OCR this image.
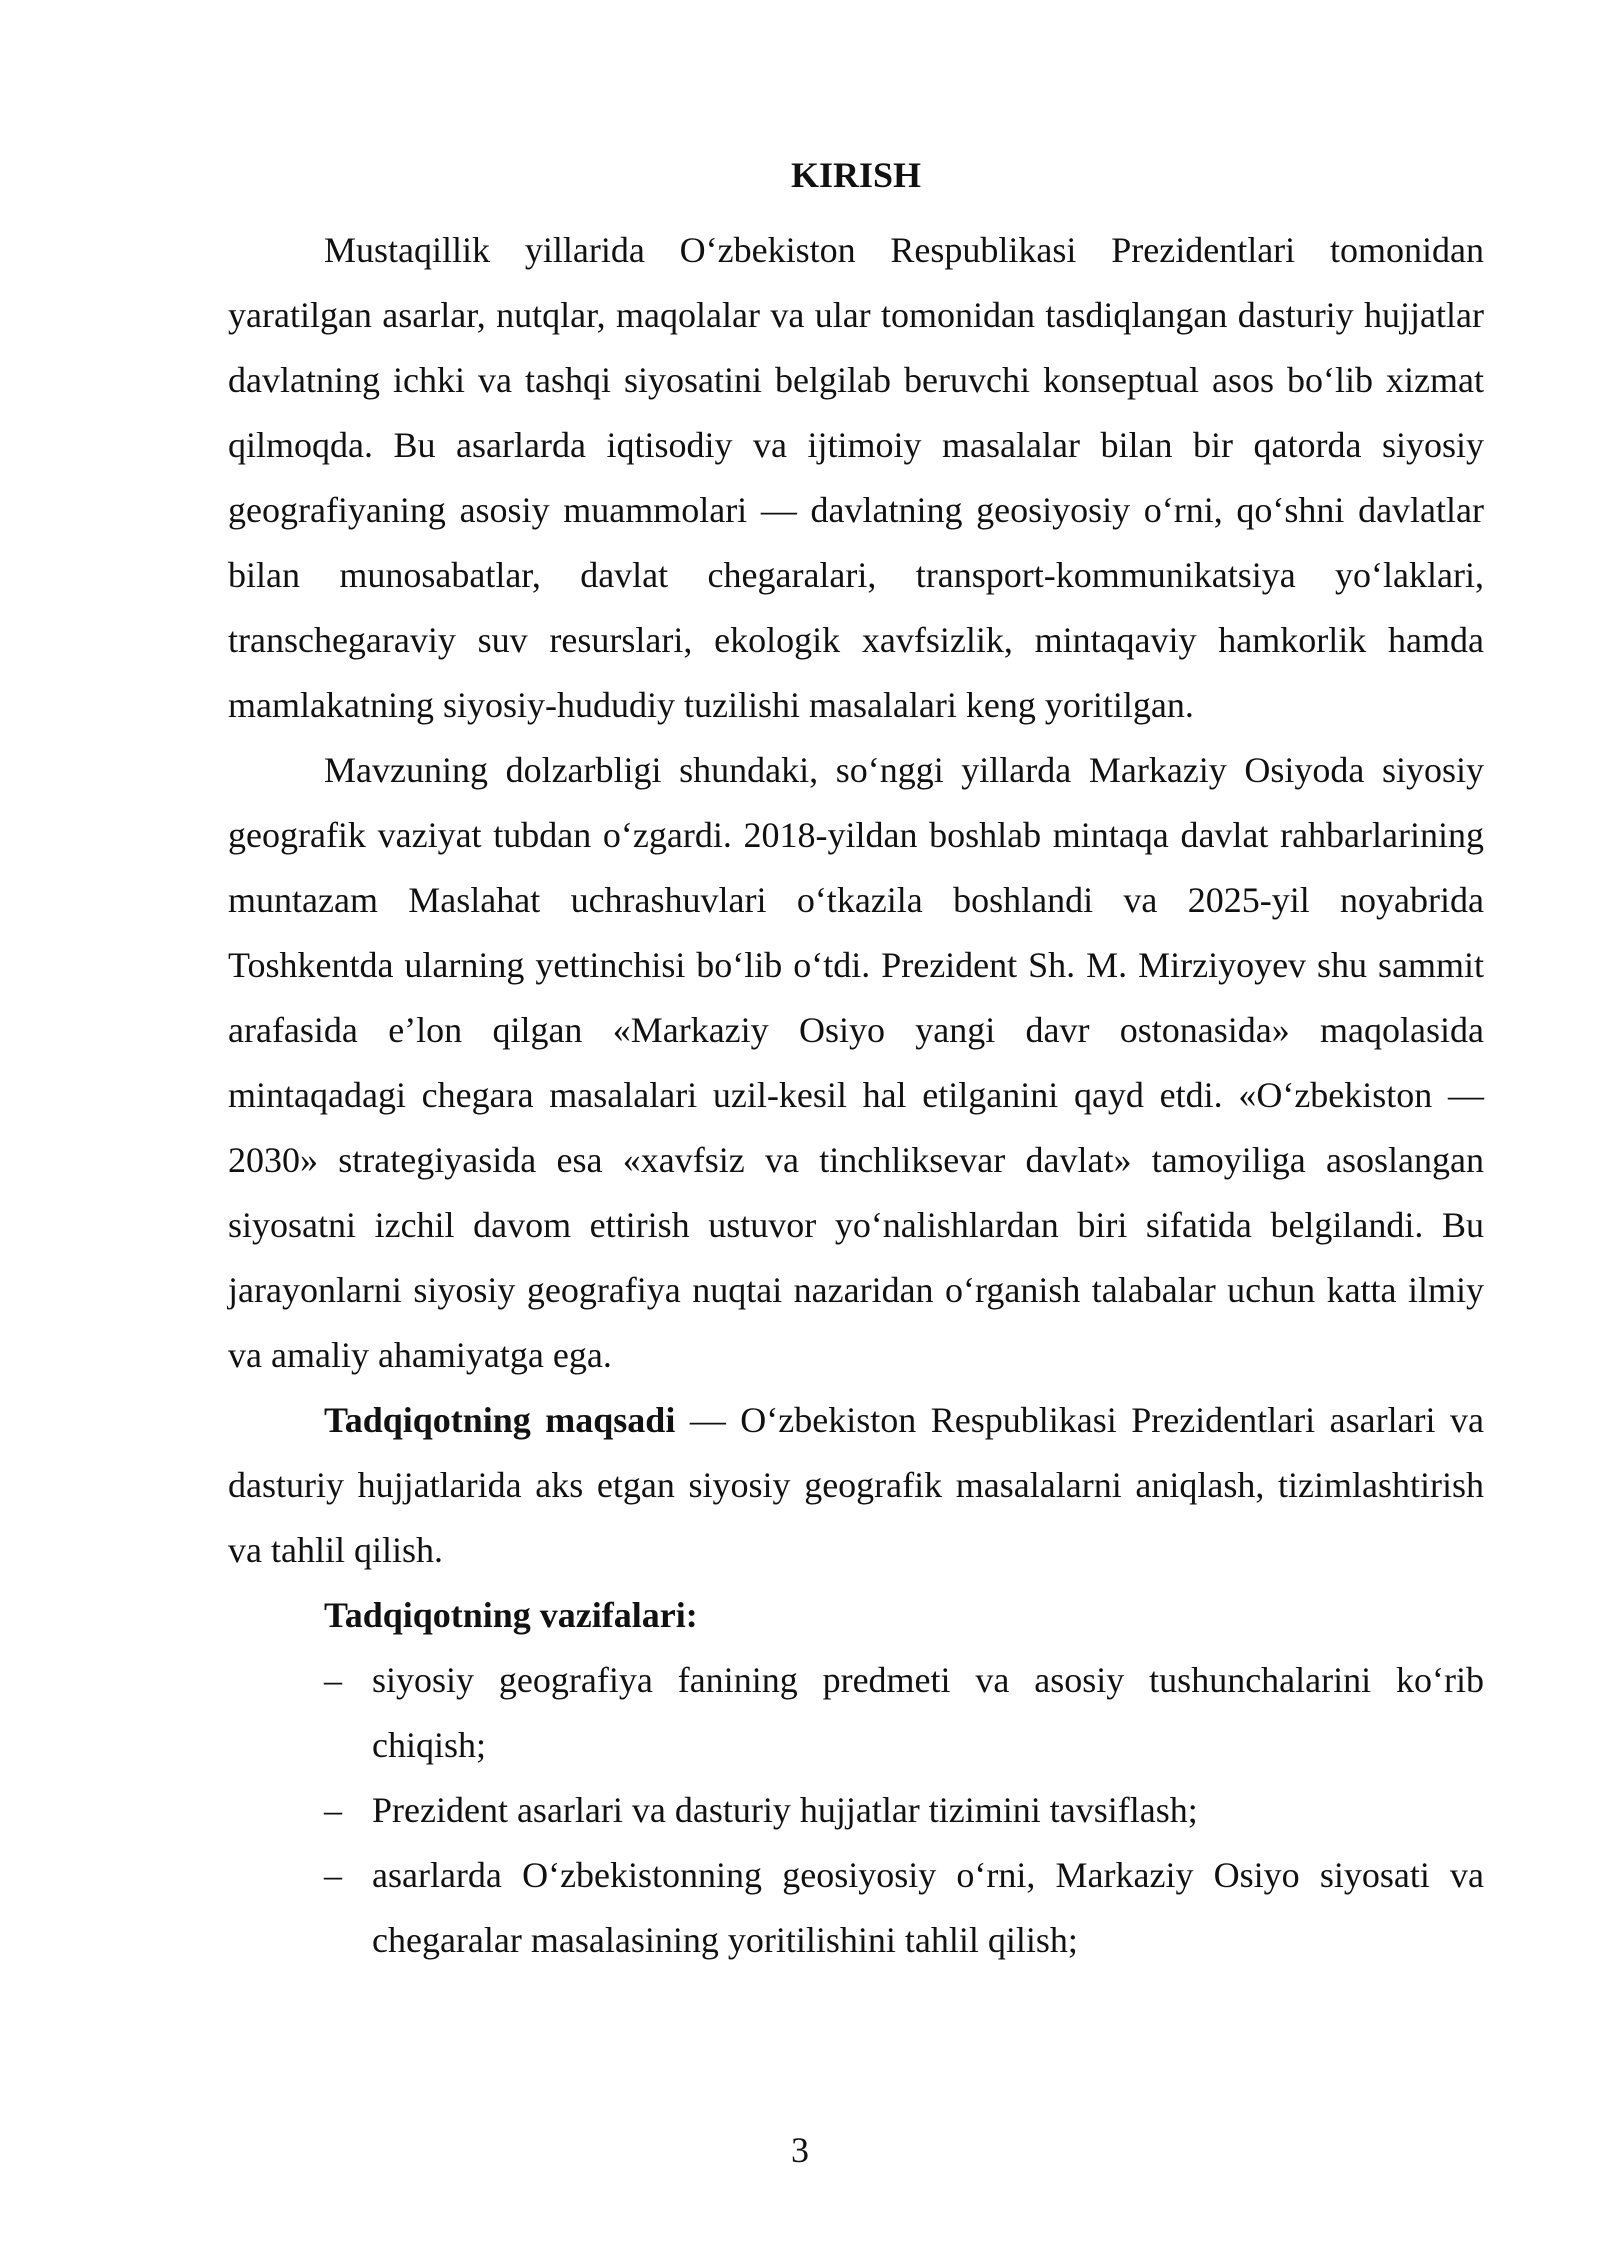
KIRISH

Mustaqillik yillarida O‘zbekiston Respublikasi Prezidentlari tomonidan yaratilgan asarlar, nutqlar, maqolalar va ular tomonidan tasdiqlangan dasturiy hujjatlar davlatning ichki va tashqi siyosatini belgilab beruvchi konseptual asos bo‘lib xizmat qilmoqda. Bu asarlarda iqtisodiy va ijtimoiy masalalar bilan bir qatorda siyosiy geografiyaning asosiy muammolari — davlatning geosiyosiy o‘rni, qo‘shni davlatlar bilan munosabatlar, davlat chegaralari, transport-kommunikatsiya yo‘laklari, transchegaraviy suv resurslari, ekologik xavfsizlik, mintaqaviy hamkorlik hamda mamlakatning siyosiy-hududiy tuzilishi masalalari keng yoritilgan.

Mavzuning dolzarbligi shundaki, so‘nggi yillarda Markaziy Osiyoda siyosiy geografik vaziyat tubdan o‘zgardi. 2018-yildan boshlab mintaqa davlat rahbarlarining muntazam Maslahat uchrashuvlari o‘tkazila boshlandi va 2025-yil noyabrida Toshkentda ularning yettinchisi bo‘lib o‘tdi. Prezident Sh. M. Mirziyoyev shu sammit arafasida e’lon qilgan «Markaziy Osiyo yangi davr ostonasida» maqolasida mintaqadagi chegara masalalari uzil-kesil hal etilganini qayd etdi. «O‘zbekiston — 2030» strategiyasida esa «xavfsiz va tinchliksevar davlat» tamoyiliga asoslangan siyosatni izchil davom ettirish ustuvor yo‘nalishlardan biri sifatida belgilandi. Bu jarayonlarni siyosiy geografiya nuqtai nazaridan o‘rganish talabalar uchun katta ilmiy va amaliy ahamiyatga ega.

Tadqiqotning maqsadi — O‘zbekiston Respublikasi Prezidentlari asarlari va dasturiy hujjatlarida aks etgan siyosiy geografik masalalarni aniqlash, tizimlashtirish va tahlil qilish.

Tadqiqotning vazifalari:
– siyosiy geografiya fanining predmeti va asosiy tushunchalarini ko‘rib chiqish;
– Prezident asarlari va dasturiy hujjatlar tizimini tavsiflash;
– asarlarda O‘zbekistonning geosiyosiy o‘rni, Markaziy Osiyo siyosati va chegaralar masalasining yoritilishini tahlil qilish;
3
